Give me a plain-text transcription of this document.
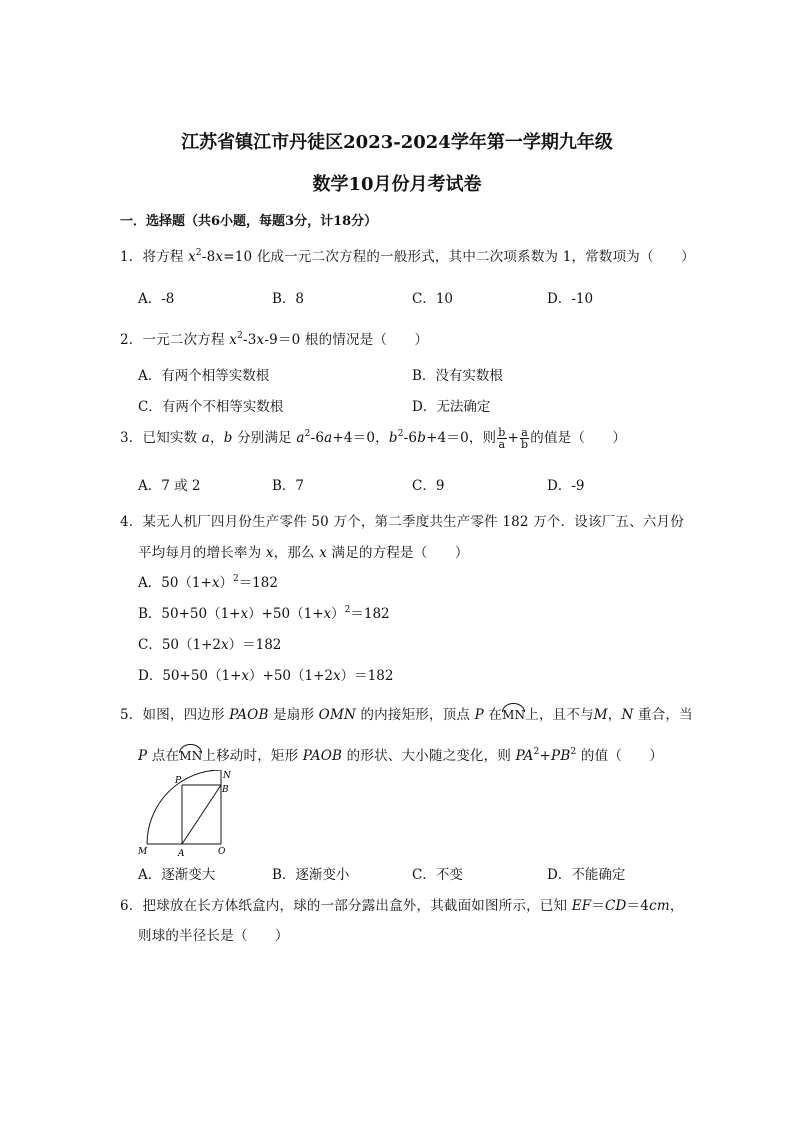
江苏省镇江市丹徒区2023-2024学年第一学期九年级
数学10月份月考试卷
一．选择题（共6小题，每题3分，计18分）
1．将方程 $x^2-8x=10$ 化成一元二次方程的一般形式，其中二次项系数为 1，常数项为（　　）
A．-8	B．8	C．10	D．-10
2．一元二次方程 $x^2-3x-9=0$ 根的情况是（　　）
A．有两个相等实数根	B．没有实数根
C．有两个不相等实数根	D．无法确定
3．已知实数 a，b 分别满足 $a^2-6a+4=0$，$b^2-6b+4=0$，则 $\frac{b}{a} + \frac{a}{b}$ 的值是（　　）
A．7 或 2	B．7	C．9	D．-9
4．某无人机厂四月份生产零件 50 万个，第二季度共生产零件 182 万个．设该厂五、六月份
平均每月的增长率为 x，那么 x 满足的方程是（　　）
A．$50(1+x)^2=182$
B．$50+50(1+x)+50(1+x)^2=182$
C．50（1+2x）＝182
D．50+50（1+x）+50（1+2x）＝182
5．如图，四边形 PAOB 是扇形 OMN 的内接矩形，顶点 P 在MN上，且不与M，N 重合，当
P 点在MN上移动时，矩形 PAOB 的形状、大小随之变化，则 $PA^2+PB^2$ 的值（　　）
P	N
B
M	A	O
A．逐渐变大	B．逐渐变小	C．不变	D．不能确定
6．把球放在长方体纸盒内，球的一部分露出盒外，其截面如图所示，已知 EF＝CD＝4cm，
则球的半径长是（　　）
